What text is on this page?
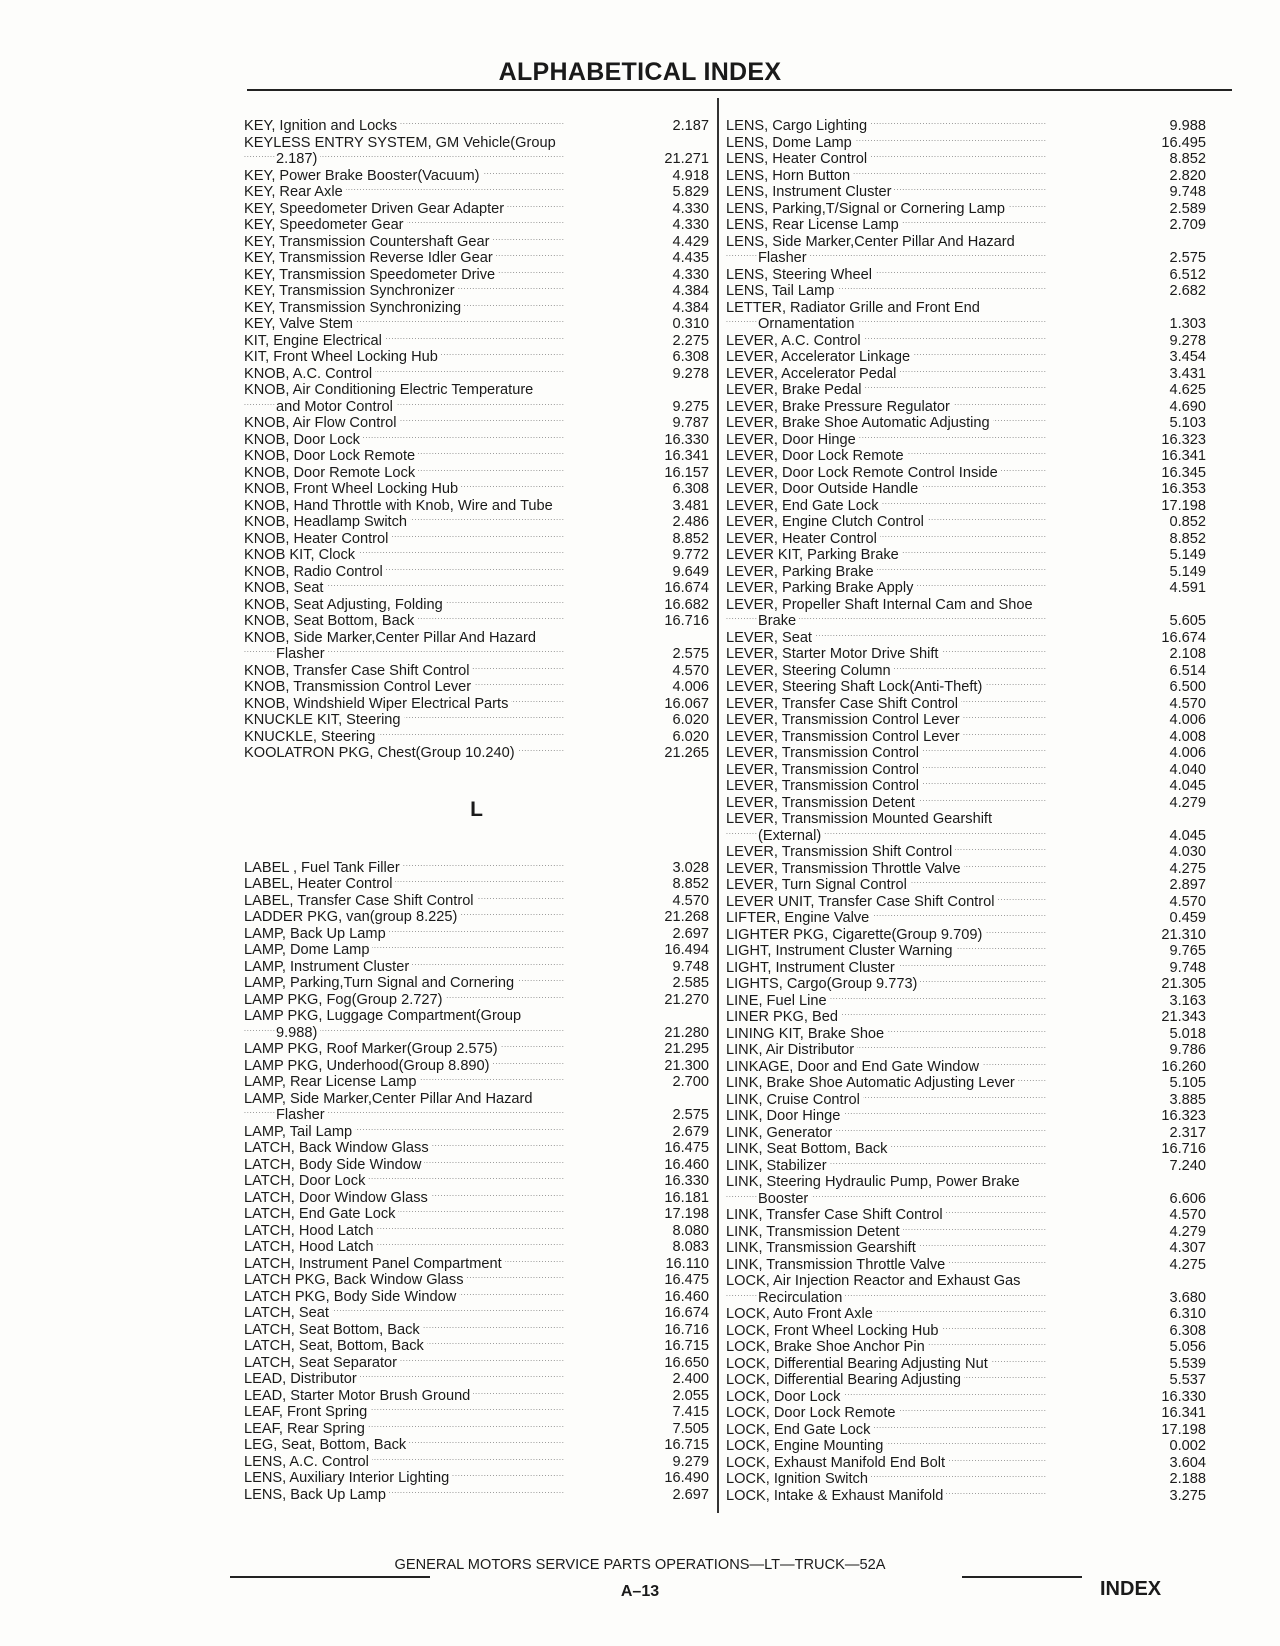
ALPHABETICAL INDEX
KEY, Ignition and Locks . . .	2.187
KEYLESS ENTRY SYSTEM, GM Vehicle(Group
2.187) . . .	21.271
KEY, Power Brake Booster(Vacuum) . . .	4.918
KEY, Rear Axle . . .	5.829
KEY, Speedometer Driven Gear Adapter . . .	4.330
KEY, Speedometer Gear . . .	4.330
KEY, Transmission Countershaft Gear . . .	4.429
KEY, Transmission Reverse Idler Gear . . .	4.435
KEY, Transmission Speedometer Drive . . .	4.330
KEY, Transmission Synchronizer . . .	4.384
KEY, Transmission Synchronizing . . .	4.384
KEY, Valve Stem . . .	0.310
KIT, Engine Electrical . . .	2.275
KIT, Front Wheel Locking Hub . . .	6.308
KNOB, A.C. Control . . .	9.278
KNOB, Air Conditioning Electric Temperature
and Motor Control . . .	9.275
KNOB, Air Flow Control . . .	9.787
KNOB, Door Lock . . .	16.330
KNOB, Door Lock Remote . . .	16.341
KNOB, Door Remote Lock . . .	16.157
KNOB, Front Wheel Locking Hub . . .	6.308
KNOB, Hand Throttle with Knob, Wire and Tube	3.481
KNOB, Headlamp Switch . . .	2.486
KNOB, Heater Control . . .	8.852
KNOB KIT, Clock . . .	9.772
KNOB, Radio Control . . .	9.649
KNOB, Seat . . .	16.674
KNOB, Seat Adjusting, Folding . . .	16.682
KNOB, Seat Bottom, Back . . .	16.716
KNOB, Side Marker,Center Pillar And Hazard
Flasher . . .	2.575
KNOB, Transfer Case Shift Control . . .	4.570
KNOB, Transmission Control Lever . . .	4.006
KNOB, Windshield Wiper Electrical Parts . . .	16.067
KNUCKLE KIT, Steering . . .	6.020
KNUCKLE, Steering . . .	6.020
KOOLATRON PKG, Chest(Group 10.240) . . .	21.265
L
LABEL , Fuel Tank Filler . . .	3.028
LABEL, Heater Control . . .	8.852
LABEL, Transfer Case Shift Control . . .	4.570
LADDER PKG, van(group 8.225) . . .	21.268
LAMP, Back Up Lamp . . .	2.697
LAMP, Dome Lamp . . .	16.494
LAMP, Instrument Cluster . . .	9.748
LAMP, Parking,Turn Signal and Cornering . . .	2.585
LAMP PKG, Fog(Group 2.727) . . .	21.270
LAMP PKG, Luggage Compartment(Group
9.988) . . .	21.280
LAMP PKG, Roof Marker(Group 2.575) . . .	21.295
LAMP PKG, Underhood(Group 8.890) . . .	21.300
LAMP, Rear License Lamp . . .	2.700
LAMP, Side Marker,Center Pillar And Hazard
Flasher . . .	2.575
LAMP, Tail Lamp . . .	2.679
LATCH, Back Window Glass . . .	16.475
LATCH, Body Side Window . . .	16.460
LATCH, Door Lock . . .	16.330
LATCH, Door Window Glass . . .	16.181
LATCH, End Gate Lock . . .	17.198
LATCH, Hood Latch . . .	8.080
LATCH, Hood Latch . . .	8.083
LATCH, Instrument Panel Compartment . . .	16.110
LATCH PKG, Back Window Glass . . .	16.475
LATCH PKG, Body Side Window . . .	16.460
LATCH, Seat . . .	16.674
LATCH, Seat Bottom, Back . . .	16.716
LATCH, Seat, Bottom, Back . . .	16.715
LATCH, Seat Separator . . .	16.650
LEAD, Distributor . . .	2.400
LEAD, Starter Motor Brush Ground . . .	2.055
LEAF, Front Spring . . .	7.415
LEAF, Rear Spring . . .	7.505
LEG, Seat, Bottom, Back . . .	16.715
LENS, A.C. Control . . .	9.279
LENS, Auxiliary Interior Lighting . . .	16.490
LENS, Back Up Lamp . . .	2.697
LENS, Cargo Lighting . . .	9.988
LENS, Dome Lamp . . .	16.495
LENS, Heater Control . . .	8.852
LENS, Horn Button . . .	2.820
LENS, Instrument Cluster . . .	9.748
LENS, Parking,T/Signal or Cornering Lamp . . .	2.589
LENS, Rear License Lamp . . .	2.709
LENS, Side Marker,Center Pillar And Hazard
Flasher . . .	2.575
LENS, Steering Wheel . . .	6.512
LENS, Tail Lamp . . .	2.682
LETTER, Radiator Grille and Front End
Ornamentation . . .	1.303
LEVER, A.C. Control . . .	9.278
LEVER, Accelerator Linkage . . .	3.454
LEVER, Accelerator Pedal . . .	3.431
LEVER, Brake Pedal . . .	4.625
LEVER, Brake Pressure Regulator . . .	4.690
LEVER, Brake Shoe Automatic Adjusting . . .	5.103
LEVER, Door Hinge . . .	16.323
LEVER, Door Lock Remote . . .	16.341
LEVER, Door Lock Remote Control Inside . . .	16.345
LEVER, Door Outside Handle . . .	16.353
LEVER, End Gate Lock . . .	17.198
LEVER, Engine Clutch Control . . .	0.852
LEVER, Heater Control . . .	8.852
LEVER KIT, Parking Brake . . .	5.149
LEVER, Parking Brake . . .	5.149
LEVER, Parking Brake Apply . . .	4.591
LEVER, Propeller Shaft Internal Cam and Shoe
Brake . . .	5.605
LEVER, Seat . . .	16.674
LEVER, Starter Motor Drive Shift . . .	2.108
LEVER, Steering Column . . .	6.514
LEVER, Steering Shaft Lock(Anti-Theft) . . .	6.500
LEVER, Transfer Case Shift Control . . .	4.570
LEVER, Transmission Control Lever . . .	4.006
LEVER, Transmission Control Lever . . .	4.008
LEVER, Transmission Control . . .	4.006
LEVER, Transmission Control . . .	4.040
LEVER, Transmission Control . . .	4.045
LEVER, Transmission Detent . . .	4.279
LEVER, Transmission Mounted Gearshift
(External) . . .	4.045
LEVER, Transmission Shift Control . . .	4.030
LEVER, Transmission Throttle Valve . . .	4.275
LEVER, Turn Signal Control . . .	2.897
LEVER UNIT, Transfer Case Shift Control . . .	4.570
LIFTER, Engine Valve . . .	0.459
LIGHTER PKG, Cigarette(Group 9.709) . . .	21.310
LIGHT, Instrument Cluster Warning . . .	9.765
LIGHT, Instrument Cluster . . .	9.748
LIGHTS, Cargo(Group 9.773) . . .	21.305
LINE, Fuel Line . . .	3.163
LINER PKG, Bed . . .	21.343
LINING KIT, Brake Shoe . . .	5.018
LINK, Air Distributor . . .	9.786
LINKAGE, Door and End Gate Window . . .	16.260
LINK, Brake Shoe Automatic Adjusting Lever . . .	5.105
LINK, Cruise Control . . .	3.885
LINK, Door Hinge . . .	16.323
LINK, Generator . . .	2.317
LINK, Seat Bottom, Back . . .	16.716
LINK, Stabilizer . . .	7.240
LINK, Steering Hydraulic Pump, Power Brake
Booster . . .	6.606
LINK, Transfer Case Shift Control . . .	4.570
LINK, Transmission Detent . . .	4.279
LINK, Transmission Gearshift . . .	4.307
LINK, Transmission Throttle Valve . . .	4.275
LOCK, Air Injection Reactor and Exhaust Gas
Recirculation . . .	3.680
LOCK, Auto Front Axle . . .	6.310
LOCK, Front Wheel Locking Hub . . .	6.308
LOCK, Brake Shoe Anchor Pin . . .	5.056
LOCK, Differential Bearing Adjusting Nut . . .	5.539
LOCK, Differential Bearing Adjusting . . .	5.537
LOCK, Door Lock . . .	16.330
LOCK, Door Lock Remote . . .	16.341
LOCK, End Gate Lock . . .	17.198
LOCK, Engine Mounting . . .	0.002
LOCK, Exhaust Manifold End Bolt . . .	3.604
LOCK, Ignition Switch . . .	2.188
LOCK, Intake & Exhaust Manifold . . .	3.275
GENERAL MOTORS SERVICE PARTS OPERATIONS—LT—TRUCK—52A
A–13	INDEX
